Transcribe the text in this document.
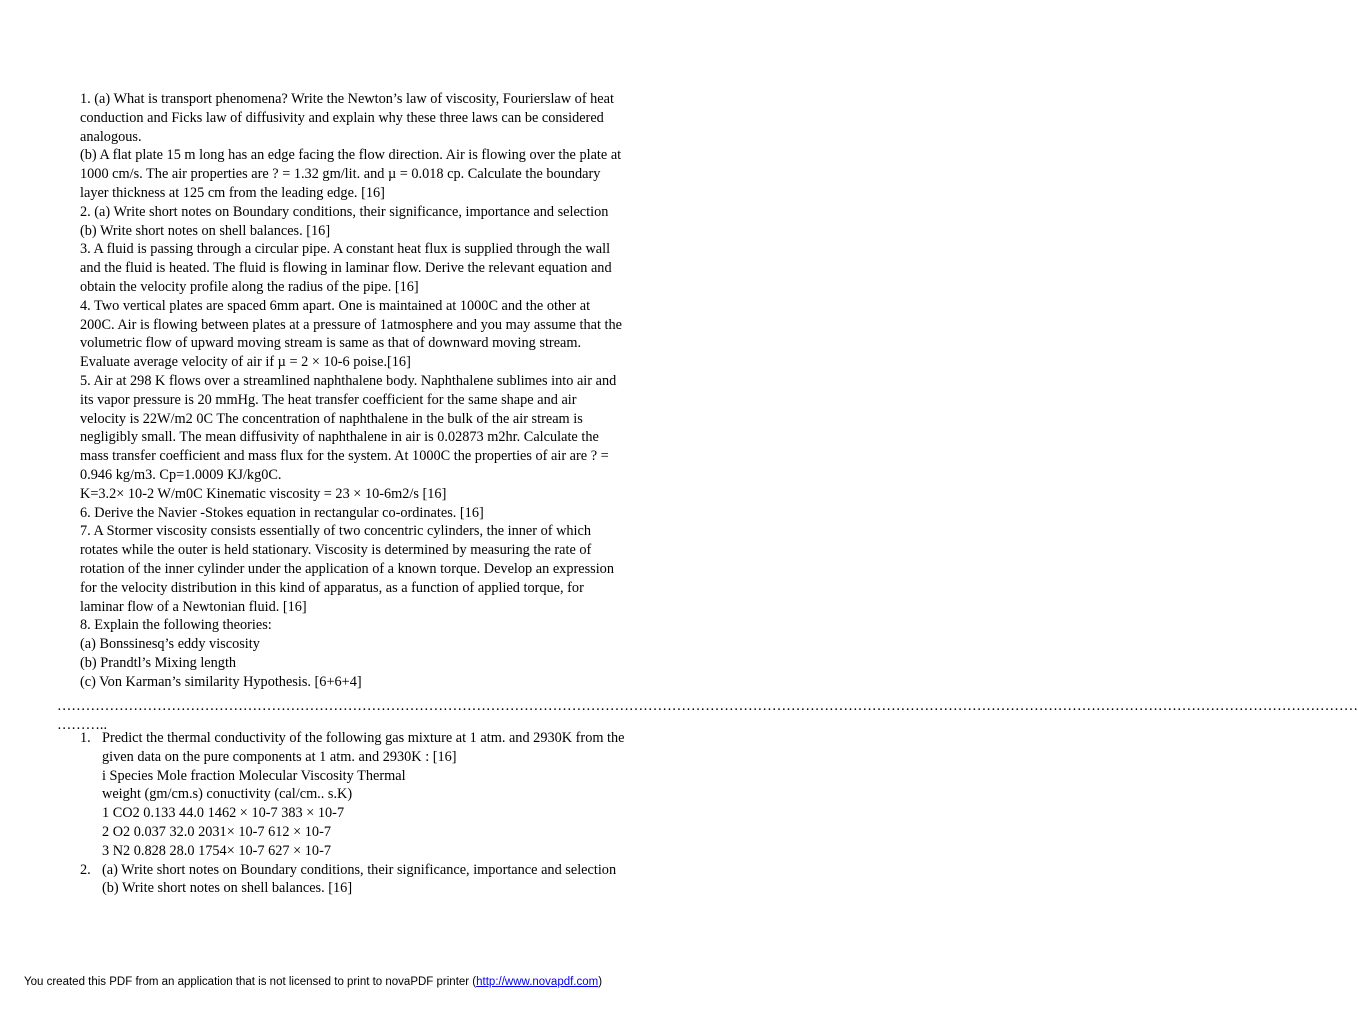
1. (a) What is transport phenomena? Write the Newton’s law of viscosity, Fourierslaw of heat
conduction and Ficks law of diffusivity and explain why these three laws can be considered
analogous.
(b) A flat plate 15 m long has an edge facing the flow direction. Air is flowing over the plate at
1000 cm/s. The air properties are ? = 1.32 gm/lit. and µ = 0.018 cp. Calculate the boundary
layer thickness at 125 cm from the leading edge. [16]
2. (a) Write short notes on Boundary conditions, their significance, importance and selection
(b) Write short notes on shell balances. [16]
3. A fluid is passing through a circular pipe. A constant heat flux is supplied through the wall
and the fluid is heated. The fluid is flowing in laminar flow. Derive the relevant equation and
obtain the velocity profile along the radius of the pipe. [16]
4. Two vertical plates are spaced 6mm apart. One is maintained at 1000C and the other at
200C. Air is flowing between plates at a pressure of 1atmosphere and you may assume that the
volumetric flow of upward moving stream is same as that of downward moving stream.
Evaluate average velocity of air if µ = 2 × 10-6 poise.[16]
5. Air at 298 K flows over a streamlined naphthalene body. Naphthalene sublimes into air and
its vapor pressure is 20 mmHg. The heat transfer coefficient for the same shape and air
velocity is 22W/m2 0C The concentration of naphthalene in the bulk of the air stream is
negligibly small. The mean diffusivity of naphthalene in air is 0.02873 m2hr. Calculate the
mass transfer coefficient and mass flux for the system. At 1000C the properties of air are ? =
0.946 kg/m3. Cp=1.0009 KJ/kg0C.
K=3.2× 10-2 W/m0C Kinematic viscosity = 23 × 10-6m2/s [16]
6. Derive the Navier -Stokes equation in rectangular co-ordinates. [16]
7. A Stormer viscosity consists essentially of two concentric cylinders, the inner of which
rotates while the outer is held stationary. Viscosity is determined by measuring the rate of
rotation of the inner cylinder under the application of a known torque. Develop an expression
for the velocity distribution in this kind of apparatus, as a function of applied torque, for
laminar flow of a Newtonian fluid. [16]
8. Explain the following theories:
(a) Bonssinesq’s eddy viscosity
(b) Prandtl’s Mixing length
(c) Von Karman’s similarity Hypothesis. [6+6+4]
…………………………………………………………………………………………………………………………………………………………………………………………………………………………………………………
………..
1. Predict the thermal conductivity of the following gas mixture at 1 atm. and 2930K from the
given data on the pure components at 1 atm. and 2930K : [16]
i Species Mole fraction Molecular Viscosity Thermal
weight (gm/cm.s) conuctivity (cal/cm.. s.K)
1 CO2 0.133 44.0 1462 × 10-7 383 × 10-7
2 O2 0.037 32.0 2031× 10-7 612 × 10-7
3 N2 0.828 28.0 1754× 10-7 627 × 10-7
2. (a) Write short notes on Boundary conditions, their significance, importance and selection
(b) Write short notes on shell balances. [16]
You created this PDF from an application that is not licensed to print to novaPDF printer (http://www.novapdf.com)
